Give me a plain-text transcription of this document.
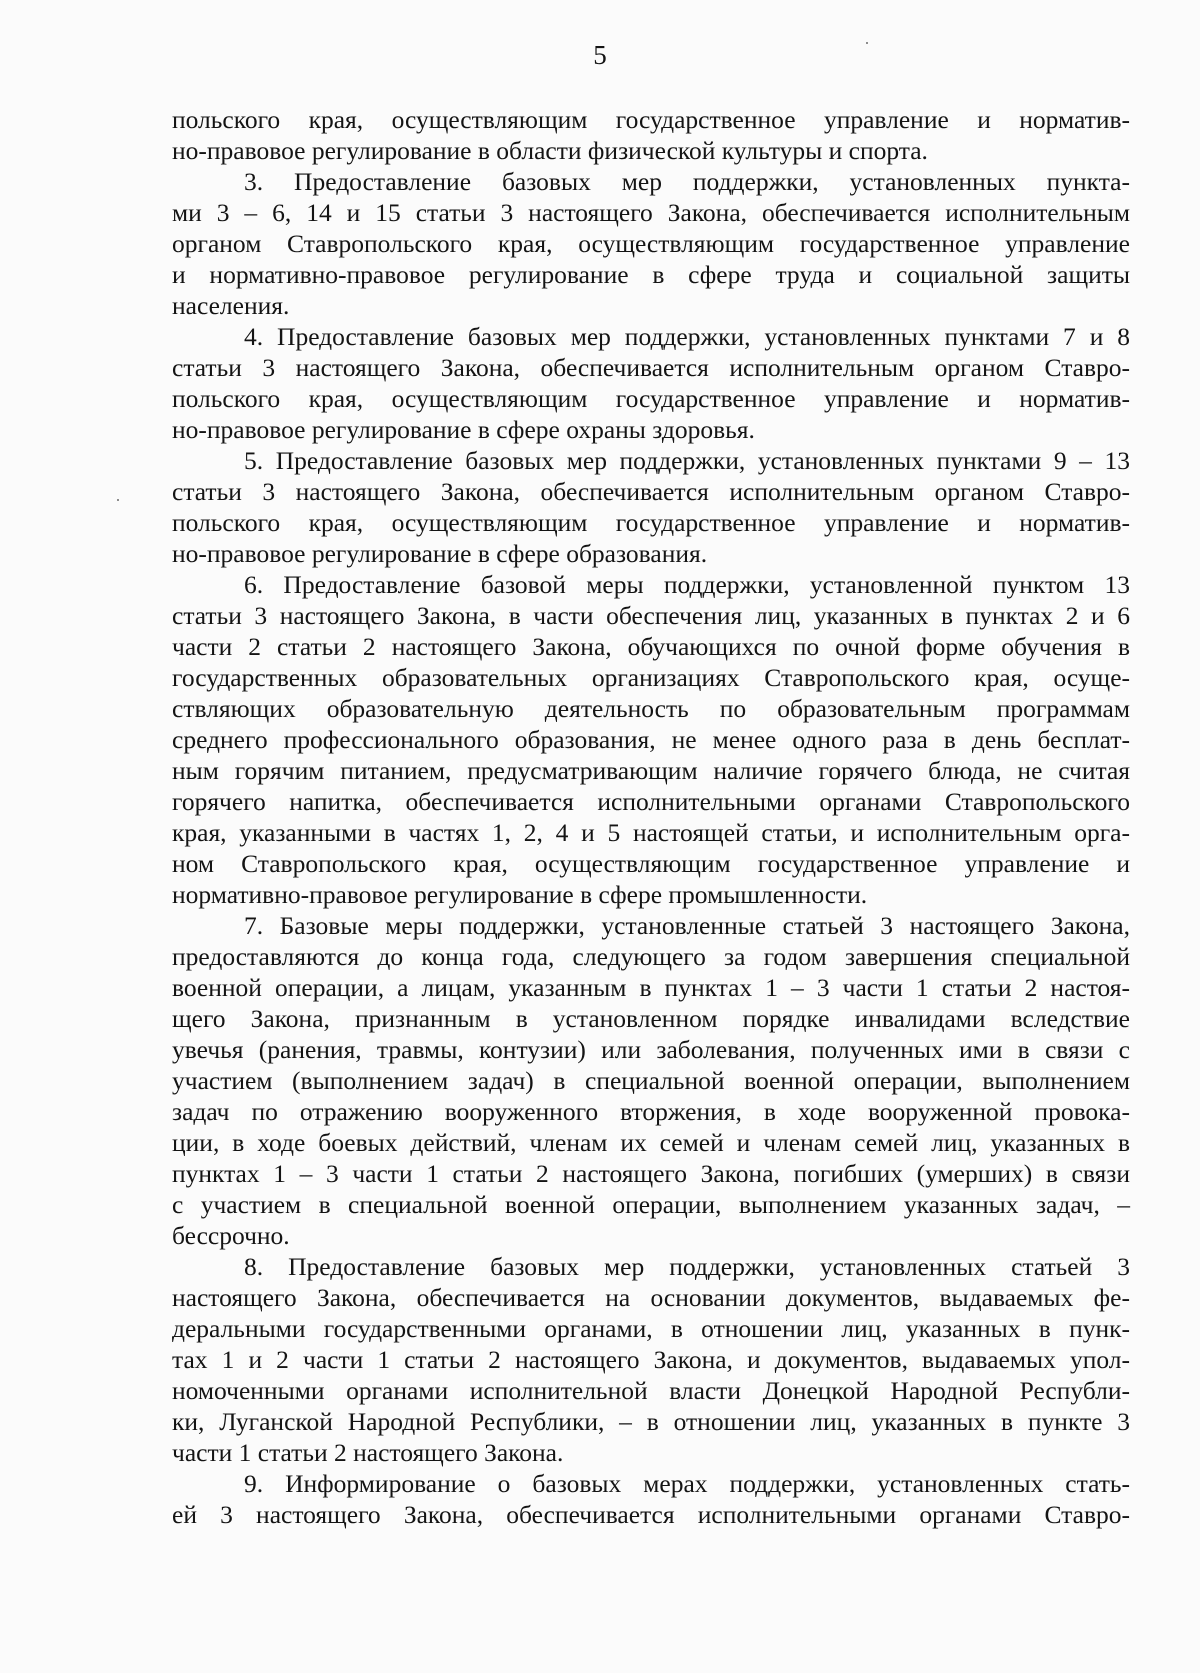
5
польского края, осуществляющим государственное управление и норматив-
но-правовое регулирование в области физической культуры и спорта.
3. Предоставление базовых мер поддержки, установленных пункта-
ми 3 – 6, 14 и 15 статьи 3 настоящего Закона, обеспечивается исполнительным
органом Ставропольского края, осуществляющим государственное управление
и нормативно-правовое регулирование в сфере труда и социальной защиты
населения.
4. Предоставление базовых мер поддержки, установленных пунктами 7 и 8
статьи 3 настоящего Закона, обеспечивается исполнительным органом Ставро-
польского края, осуществляющим государственное управление и норматив-
но-правовое регулирование в сфере охраны здоровья.
5. Предоставление базовых мер поддержки, установленных пунктами 9 – 13
статьи 3 настоящего Закона, обеспечивается исполнительным органом Ставро-
польского края, осуществляющим государственное управление и норматив-
но-правовое регулирование в сфере образования.
6. Предоставление базовой меры поддержки, установленной пунктом 13
статьи 3 настоящего Закона, в части обеспечения лиц, указанных в пунктах 2 и 6
части 2 статьи 2 настоящего Закона, обучающихся по очной форме обучения в
государственных образовательных организациях Ставропольского края, осуще-
ствляющих образовательную деятельность по образовательным программам
среднего профессионального образования, не менее одного раза в день бесплат-
ным горячим питанием, предусматривающим наличие горячего блюда, не считая
горячего напитка, обеспечивается исполнительными органами Ставропольского
края, указанными в частях 1, 2, 4 и 5 настоящей статьи, и исполнительным орга-
ном Ставропольского края, осуществляющим государственное управление и
нормативно-правовое регулирование в сфере промышленности.
7. Базовые меры поддержки, установленные статьей 3 настоящего Закона,
предоставляются до конца года, следующего за годом завершения специальной
военной операции, а лицам, указанным в пунктах 1 – 3 части 1 статьи 2 настоя-
щего Закона, признанным в установленном порядке инвалидами вследствие
увечья (ранения, травмы, контузии) или заболевания, полученных ими в связи с
участием (выполнением задач) в специальной военной операции, выполнением
задач по отражению вооруженного вторжения, в ходе вооруженной провока-
ции, в ходе боевых действий, членам их семей и членам семей лиц, указанных в
пунктах 1 – 3 части 1 статьи 2 настоящего Закона, погибших (умерших) в связи
с участием в специальной военной операции, выполнением указанных задач, –
бессрочно.
8. Предоставление базовых мер поддержки, установленных статьей 3
настоящего Закона, обеспечивается на основании документов, выдаваемых фе-
деральными государственными органами, в отношении лиц, указанных в пунк-
тах 1 и 2 части 1 статьи 2 настоящего Закона, и документов, выдаваемых упол-
номоченными органами исполнительной власти Донецкой Народной Республи-
ки, Луганской Народной Республики, – в отношении лиц, указанных в пункте 3
части 1 статьи 2 настоящего Закона.
9. Информирование о базовых мерах поддержки, установленных стать-
ей 3 настоящего Закона, обеспечивается исполнительными органами Ставро-
